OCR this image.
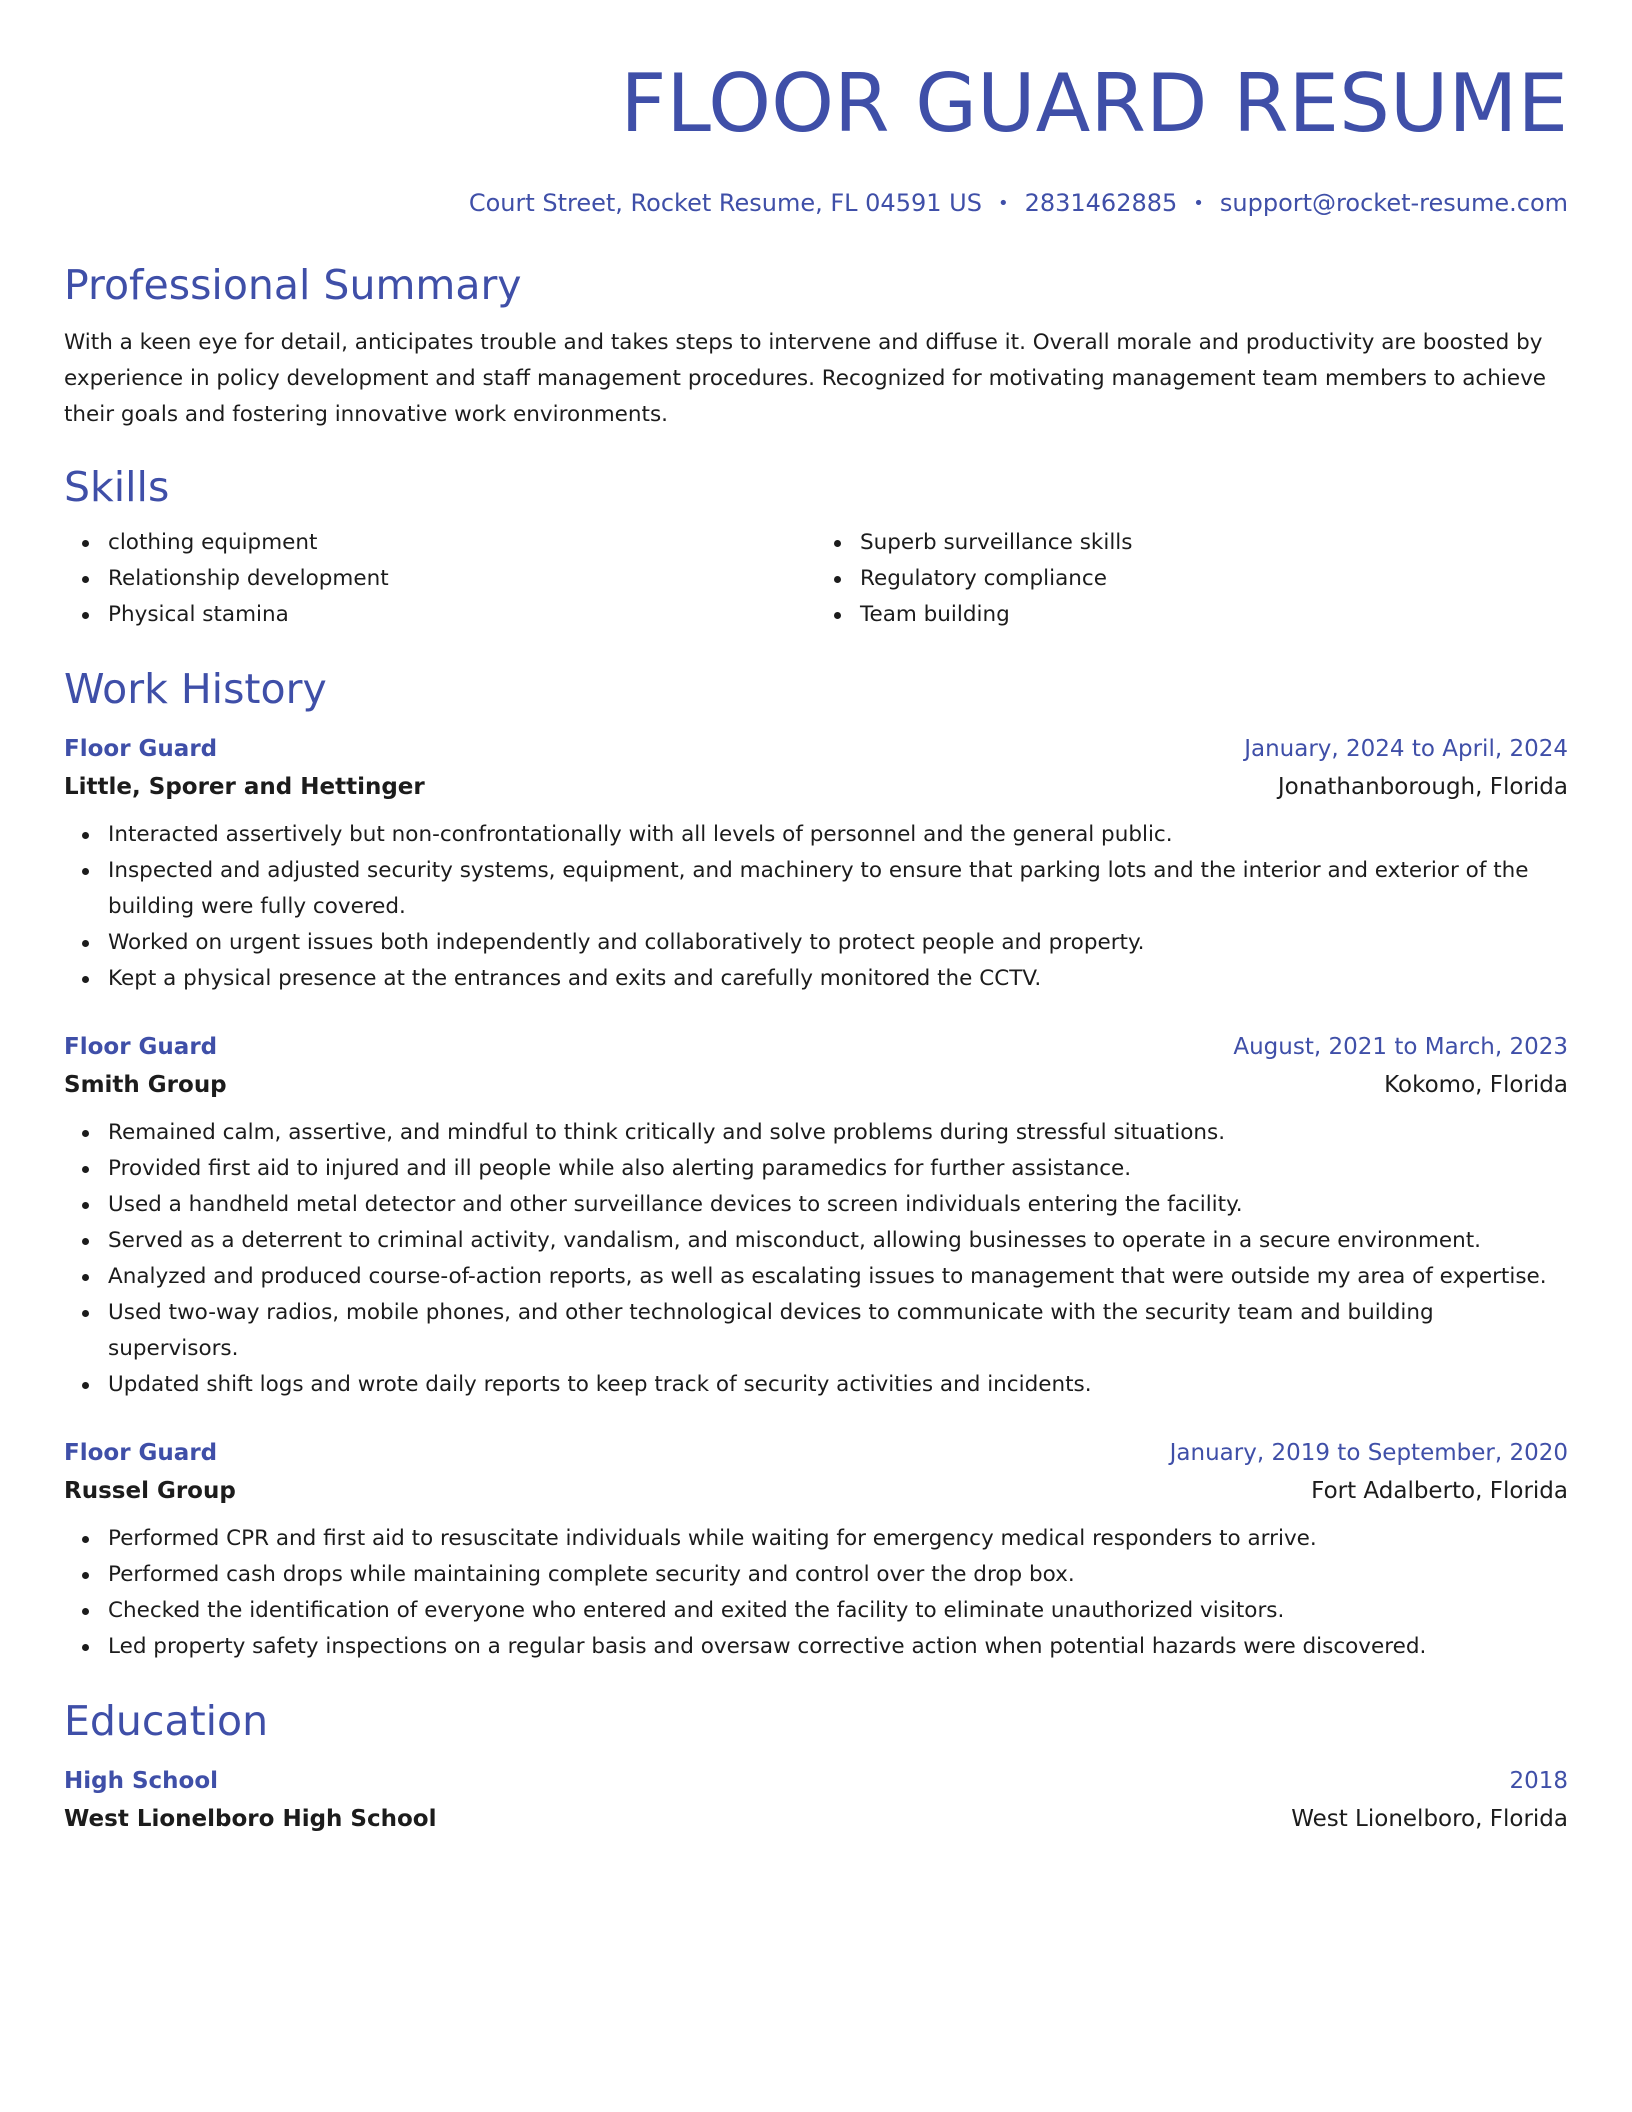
FLOOR GUARD RESUME
Court Street, Rocket Resume, FL 04591 US • 2831462885 • support@rocket-resume.com
Professional Summary

With a keen eye for detail, anticipates trouble and takes steps to intervene and diffuse it. Overall morale and productivity are boosted by experience in policy development and staff management procedures. Recognized for motivating management team members to achieve their goals and fostering innovative work environments.

Skills
clothing equipment
Relationship development
Physical stamina
Superb surveillance skills
Regulatory compliance
Team building
Work History
Floor Guard	January, 2024 to April, 2024
Little, Sporer and Hettinger	Jonathanborough, Florida
Interacted assertively but non-confrontationally with all levels of personnel and the general public.
Inspected and adjusted security systems, equipment, and machinery to ensure that parking lots and the interior and exterior of the building were fully covered.
Worked on urgent issues both independently and collaboratively to protect people and property.
Kept a physical presence at the entrances and exits and carefully monitored the CCTV.
Floor Guard	August, 2021 to March, 2023
Smith Group	Kokomo, Florida
Remained calm, assertive, and mindful to think critically and solve problems during stressful situations.
Provided first aid to injured and ill people while also alerting paramedics for further assistance.
Used a handheld metal detector and other surveillance devices to screen individuals entering the facility.
Served as a deterrent to criminal activity, vandalism, and misconduct, allowing businesses to operate in a secure environment.
Analyzed and produced course-of-action reports, as well as escalating issues to management that were outside my area of expertise.
Used two-way radios, mobile phones, and other technological devices to communicate with the security team and building supervisors.
Updated shift logs and wrote daily reports to keep track of security activities and incidents.
Floor Guard	January, 2019 to September, 2020
Russel Group	Fort Adalberto, Florida
Performed CPR and first aid to resuscitate individuals while waiting for emergency medical responders to arrive.
Performed cash drops while maintaining complete security and control over the drop box.
Checked the identification of everyone who entered and exited the facility to eliminate unauthorized visitors.
Led property safety inspections on a regular basis and oversaw corrective action when potential hazards were discovered.
Education
High School	2018
West Lionelboro High School	West Lionelboro, Florida
